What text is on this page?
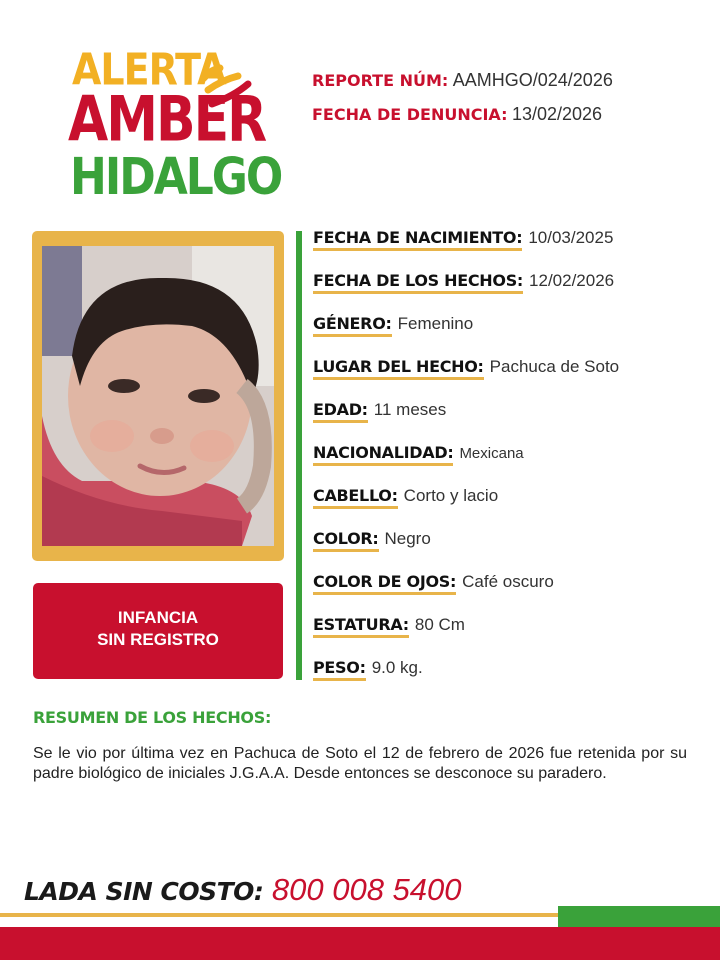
ALERTA
AMBER
HIDALGO
REPORTE NÚM: AAMHGO/024/2026
FECHA DE DENUNCIA: 13/02/2026
INFANCIA
SIN REGISTRO
FECHA DE NACIMIENTO: 10/03/2025
FECHA DE LOS HECHOS: 12/02/2026
GÉNERO: Femenino
LUGAR DEL HECHO: Pachuca de Soto
EDAD: 11 meses
NACIONALIDAD: Mexicana
CABELLO: Corto y lacio
COLOR: Negro
COLOR DE OJOS: Café oscuro
ESTATURA: 80 Cm
PESO: 9.0 kg.
RESUMEN DE LOS HECHOS:
Se le vio por última vez en Pachuca de Soto el 12 de febrero de 2026 fue retenida por su padre biológico de iniciales J.G.A.A. Desde entonces se desconoce su paradero.
LADA SIN COSTO: 800 008 5400
